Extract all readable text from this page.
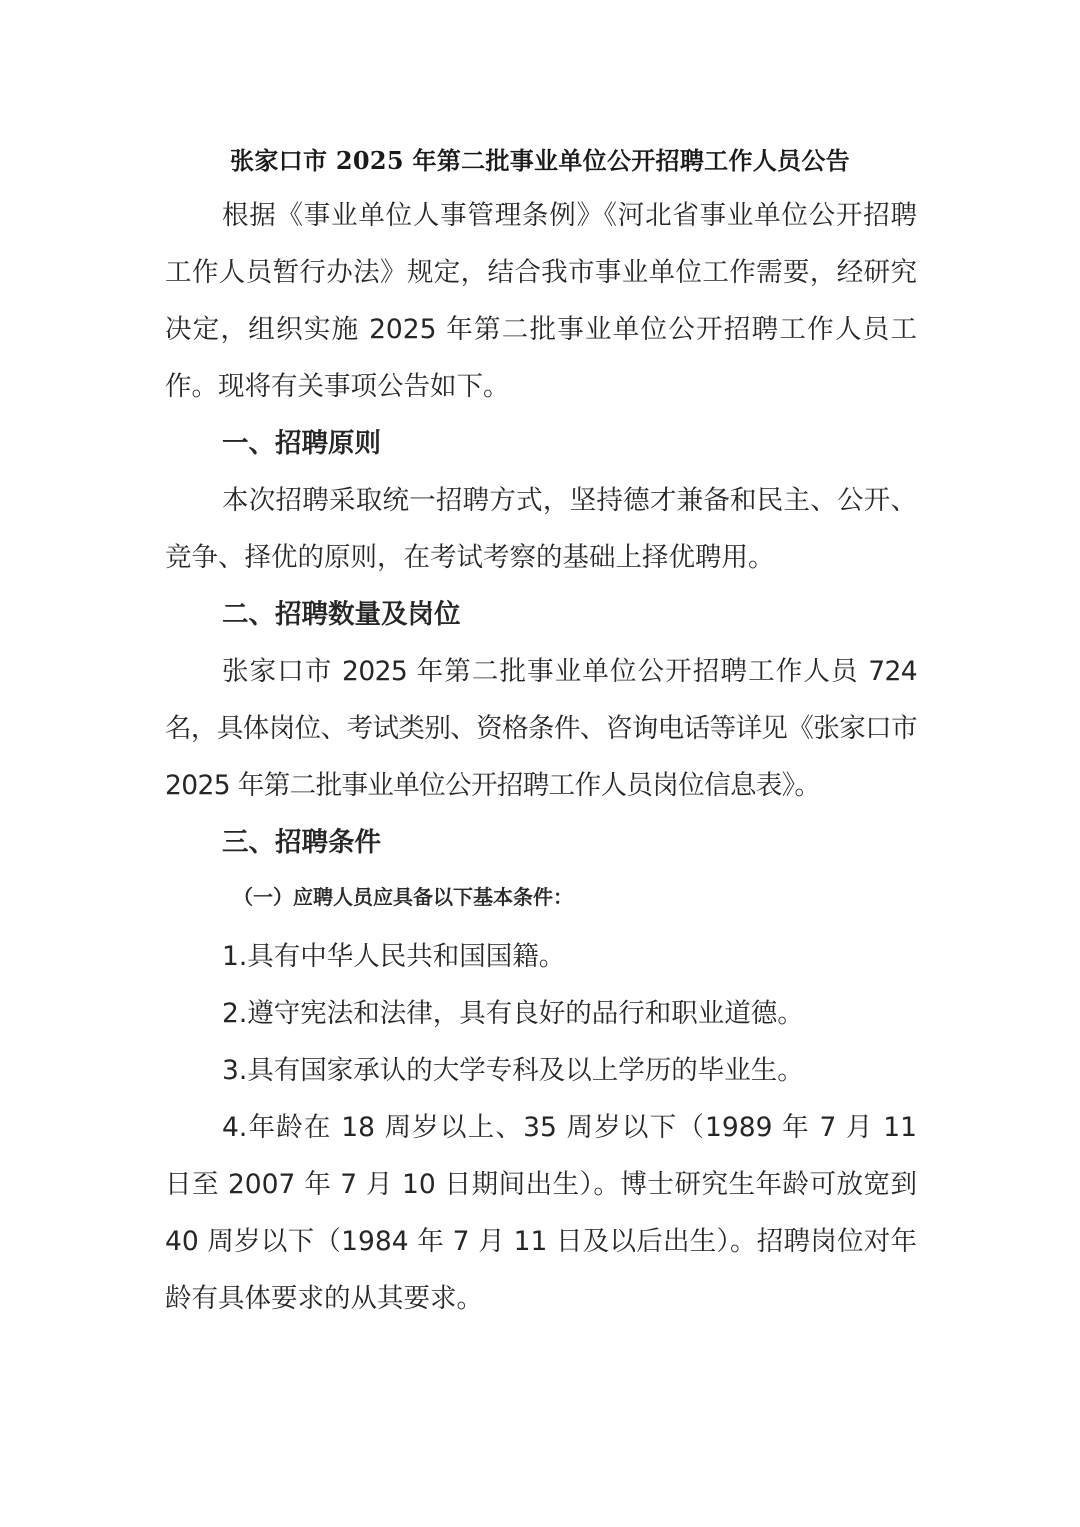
张家口市 2025 年第二批事业单位公开招聘工作人员公告

根据《事业单位人事管理条例》《河北省事业单位公开招聘工作人员暂行办法》规定，结合我市事业单位工作需要，经研究决定，组织实施 2025 年第二批事业单位公开招聘工作人员工作。现将有关事项公告如下。

一、招聘原则

本次招聘采取统一招聘方式，坚持德才兼备和民主、公开、竞争、择优的原则，在考试考察的基础上择优聘用。

二、招聘数量及岗位

张家口市 2025 年第二批事业单位公开招聘工作人员 724 名，具体岗位、考试类别、资格条件、咨询电话等详见《张家口市 2025 年第二批事业单位公开招聘工作人员岗位信息表》。

三、招聘条件

（一）应聘人员应具备以下基本条件：

1.具有中华人民共和国国籍。

2.遵守宪法和法律，具有良好的品行和职业道德。

3.具有国家承认的大学专科及以上学历的毕业生。

4.年龄在 18 周岁以上、35 周岁以下（1989 年 7 月 11 日至 2007 年 7 月 10 日期间出生）。博士研究生年龄可放宽到 40 周岁以下（1984 年 7 月 11 日及以后出生）。招聘岗位对年龄有具体要求的从其要求。
